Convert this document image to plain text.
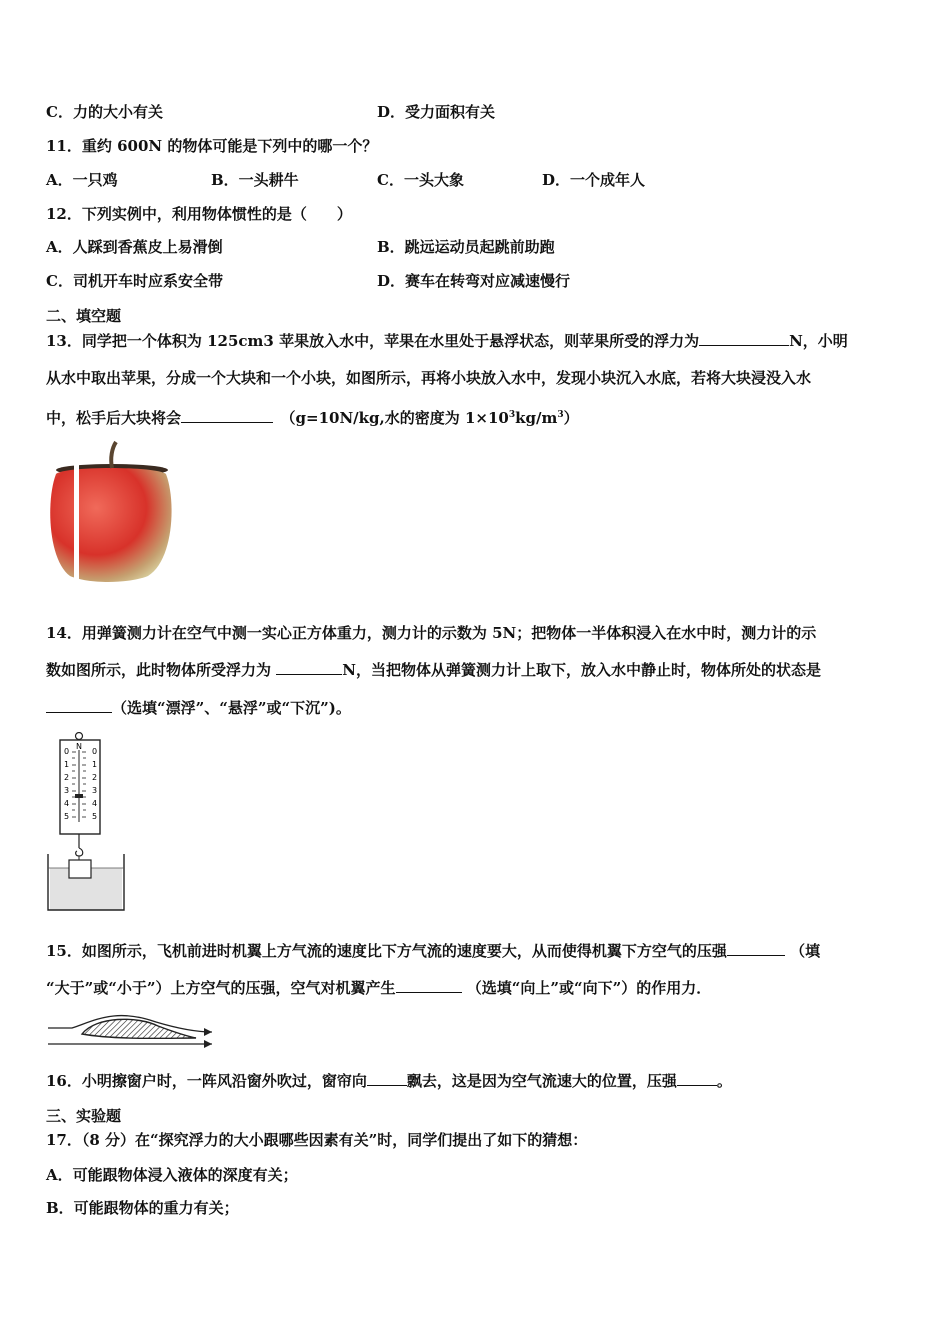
C．力的大小有关	D．受力面积有关
11．重约 600N 的物体可能是下列中的哪一个？
A．一只鸡	B．一头耕牛	C．一头大象	D．一个成年人
12．下列实例中，利用物体惯性的是（　　）
A．人踩到香蕉皮上易滑倒	B．跳远运动员起跳前助跑
C．司机开车时应系安全带	D．赛车在转弯对应减速慢行
二、填空题
13．同学把一个体积为 125cm3 苹果放入水中，苹果在水里处于悬浮状态，则苹果所受的浮力为	N，小明
从水中取出苹果，分成一个大块和一个小块，如图所示，再将小块放入水中，发现小块沉入水底，若将大块浸没入水
中，松手后大块将会　	（g=10N/kg,水的密度为 $1\times 10^3kg/m^3$）
14．用弹簧测力计在空气中测一实心正方体重力，测力计的示数为 5N；把物体一半体积浸入在水中时，测力计的示
数如图所示，此时物体所受浮力为	N，当把物体从弹簧测力计上取下，放入水中静止时，物体所处的状态是
（选填“漂浮”、“悬浮”或“下沉”)。
N
0
1
2
3
4
5
0
1
2
3
4
5
15．如图所示，飞机前进时机翼上方气流的速度比下方气流的速度要大，从而使得机翼下方空气的压强	（填
“大于”或“小于”）上方空气的压强，空气对机翼产生	（选填“向上”或“向下”）的作用力．
16．小明擦窗户时，一阵风沿窗外吹过，窗帘向	飘去，这是因为空气流速大的位置，压强	。
三、实验题
17．（8 分）在“探究浮力的大小跟哪些因素有关”时，同学们提出了如下的猜想：
A．可能跟物体浸入液体的深度有关；
B．可能跟物体的重力有关；
